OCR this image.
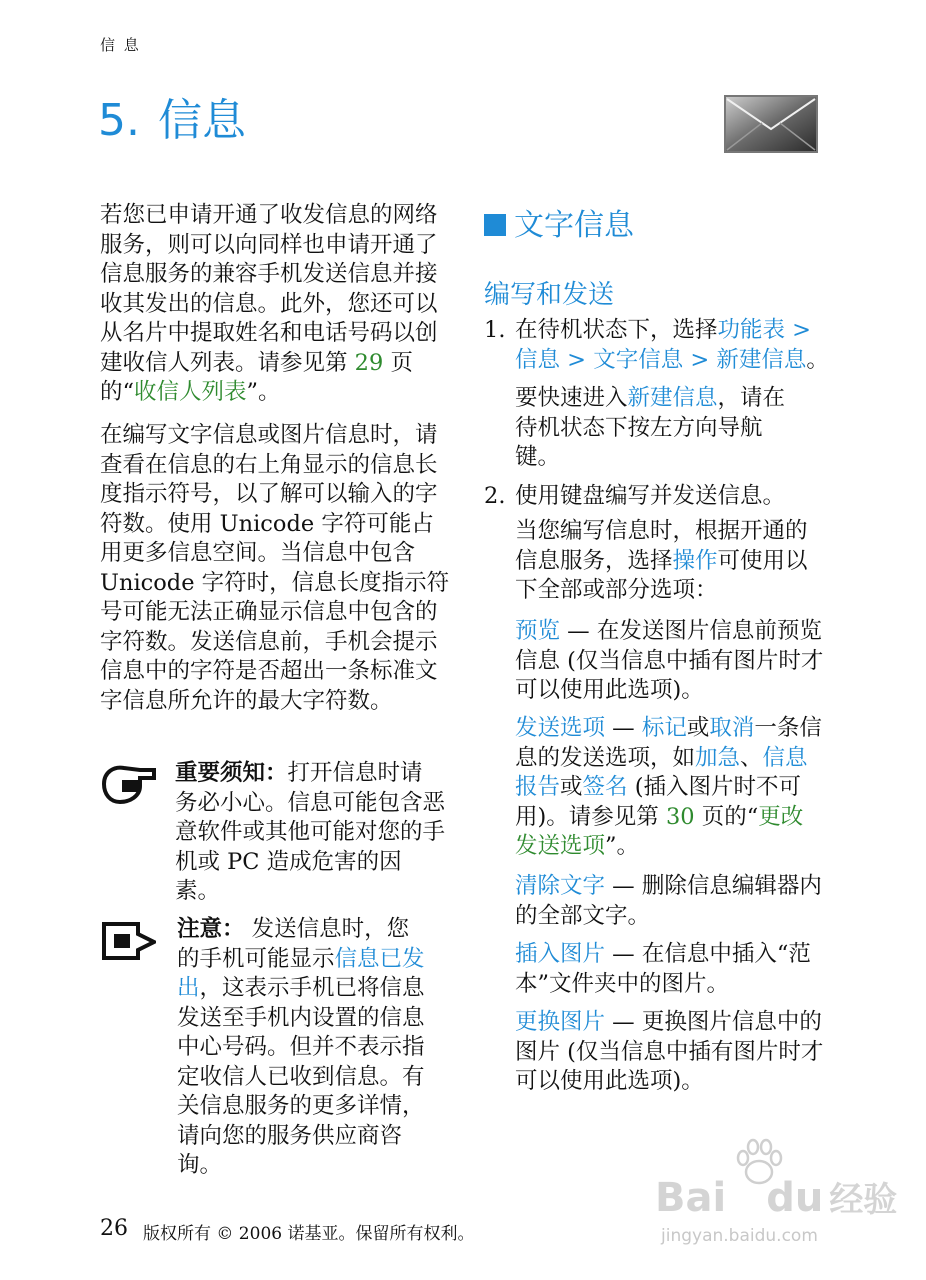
信 息
5. 信息
若您已申请开通了收发信息的网络服务，则可以向同样也申请开通了信息服务的兼容手机发送信息并接收其发出的信息。此外，您还可以从名片中提取姓名和电话号码以创建收信人列表。请参见第 29 页的“收信人列表”。
在编写文字信息或图片信息时，请查看在信息的右上角显示的信息长度指示符号，以了解可以输入的字符数。使用 Unicode 字符可能占用更多信息空间。当信息中包含 Unicode 字符时，信息长度指示符号可能无法正确显示信息中包含的字符数。发送信息前，手机会提示信息中的字符是否超出一条标准文字信息所允许的最大字符数。
重要须知：打开信息时请务必小心。信息可能包含恶意软件或其他可能对您的手机或 PC 造成危害的因素。
注意： 发送信息时，您的手机可能显示信息已发出，这表示手机已将信息发送至手机内设置的信息中心号码。但并不表示指定收信人已收到信息。有关信息服务的更多详情，请向您的服务供应商咨询。
文字信息
编写和发送
1. 在待机状态下，选择功能表 > 信息 > 文字信息 > 新建信息。
要快速进入新建信息，请在待机状态下按左方向导航键。
2. 使用键盘编写并发送信息。
当您编写信息时，根据开通的信息服务，选择操作可使用以下全部或部分选项：
预览 — 在发送图片信息前预览信息 (仅当信息中插有图片时才可以使用此选项)。
发送选项 — 标记或取消一条信息的发送选项，如加急、信息报告或签名 (插入图片时不可用)。请参见第 30 页的“更改发送选项”。
清除文字 — 删除信息编辑器内的全部文字。
插入图片 — 在信息中插入“范本”文件夹中的图片。
更换图片 — 更换图片信息中的图片 (仅当信息中插有图片时才可以使用此选项)。
26 版权所有 © 2006 诺基亚。保留所有权利。
Bai du 经验
jingyan.baidu.com
